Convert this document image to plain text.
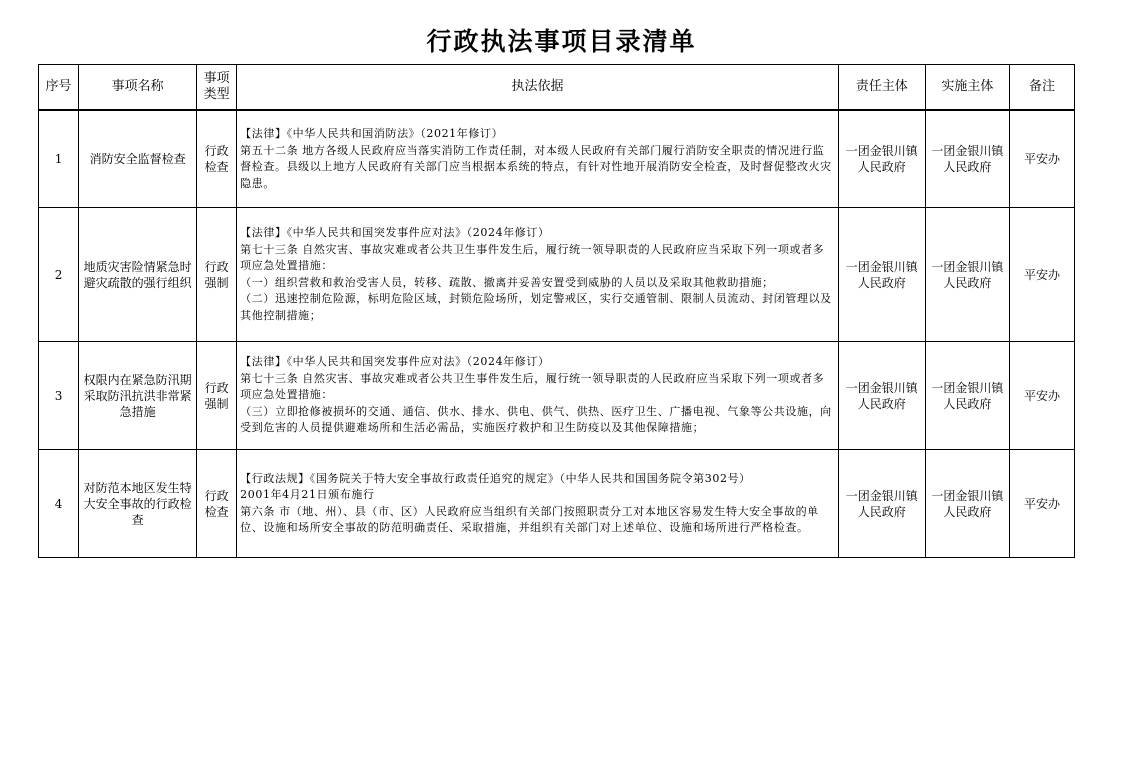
行政执法事项目录清单
序号	事项名称	事项类型	执法依据	责任主体	实施主体	备注
1	消防安全监督检查	行政检查	【法律】《中华人民共和国消防法》（2021年修订）
第五十二条 地方各级人民政府应当落实消防工作责任制，对本级人民政府有关部门履行消防安全职责的情况进行监督检查。县级以上地方人民政府有关部门应当根据本系统的特点，有针对性地开展消防安全检查，及时督促整改火灾隐患。	一团金银川镇人民政府	一团金银川镇人民政府	平安办
2	地质灾害险情紧急时避灾疏散的强行组织	行政强制	【法律】《中华人民共和国突发事件应对法》（2024年修订）
第七十三条 自然灾害、事故灾难或者公共卫生事件发生后，履行统一领导职责的人民政府应当采取下列一项或者多项应急处置措施：
（一）组织营救和救治受害人员，转移、疏散、撤离并妥善安置受到威胁的人员以及采取其他救助措施；
（二）迅速控制危险源，标明危险区域，封锁危险场所，划定警戒区，实行交通管制、限制人员流动、封闭管理以及其他控制措施；	一团金银川镇人民政府	一团金银川镇人民政府	平安办
3	权限内在紧急防汛期采取防汛抗洪非常紧急措施	行政强制	【法律】《中华人民共和国突发事件应对法》（2024年修订）
第七十三条 自然灾害、事故灾难或者公共卫生事件发生后，履行统一领导职责的人民政府应当采取下列一项或者多项应急处置措施：
（三）立即抢修被损坏的交通、通信、供水、排水、供电、供气、供热、医疗卫生、广播电视、气象等公共设施，向受到危害的人员提供避难场所和生活必需品，实施医疗救护和卫生防疫以及其他保障措施；	一团金银川镇人民政府	一团金银川镇人民政府	平安办
4	对防范本地区发生特大安全事故的行政检查	行政检查	【行政法规】《国务院关于特大安全事故行政责任追究的规定》（中华人民共和国国务院令第302号）
2001年4月21日颁布施行
第六条 市（地、州）、县（市、区）人民政府应当组织有关部门按照职责分工对本地区容易发生特大安全事故的单位、设施和场所安全事故的防范明确责任、采取措施，并组织有关部门对上述单位、设施和场所进行严格检查。	一团金银川镇人民政府	一团金银川镇人民政府	平安办
